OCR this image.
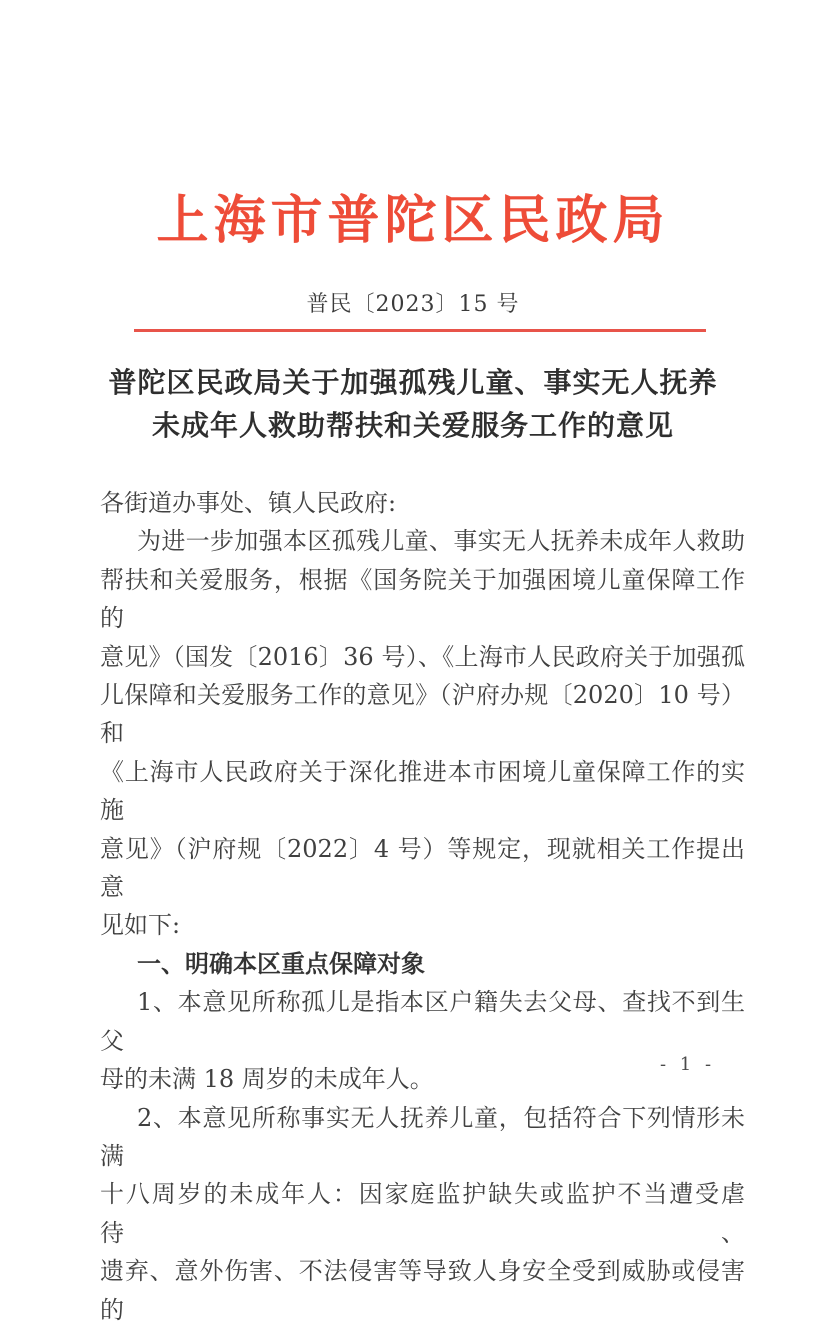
上海市普陀区民政局
普民〔2023〕15 号
普陀区民政局关于加强孤残儿童、事实无人抚养
未成年人救助帮扶和关爱服务工作的意见
各街道办事处、镇人民政府:
为进一步加强本区孤残儿童、事实无人抚养未成年人救助
帮扶和关爱服务，根据《国务院关于加强困境儿童保障工作的
意见》（国发〔2016〕36 号）、《上海市人民政府关于加强孤
儿保障和关爱服务工作的意见》（沪府办规〔2020〕10 号）和
《上海市人民政府关于深化推进本市困境儿童保障工作的实施
意见》（沪府规〔2022〕4 号）等规定，现就相关工作提出意
见如下:
一、明确本区重点保障对象
1、本意见所称孤儿是指本区户籍失去父母、查找不到生父
母的未满 18 周岁的未成年人。
2、本意见所称事实无人抚养儿童，包括符合下列情形未满
十八周岁的未成年人：因家庭监护缺失或监护不当遭受虐待、
遗弃、意外伤害、不法侵害等导致人身安全受到威胁或侵害的
- 1 -
